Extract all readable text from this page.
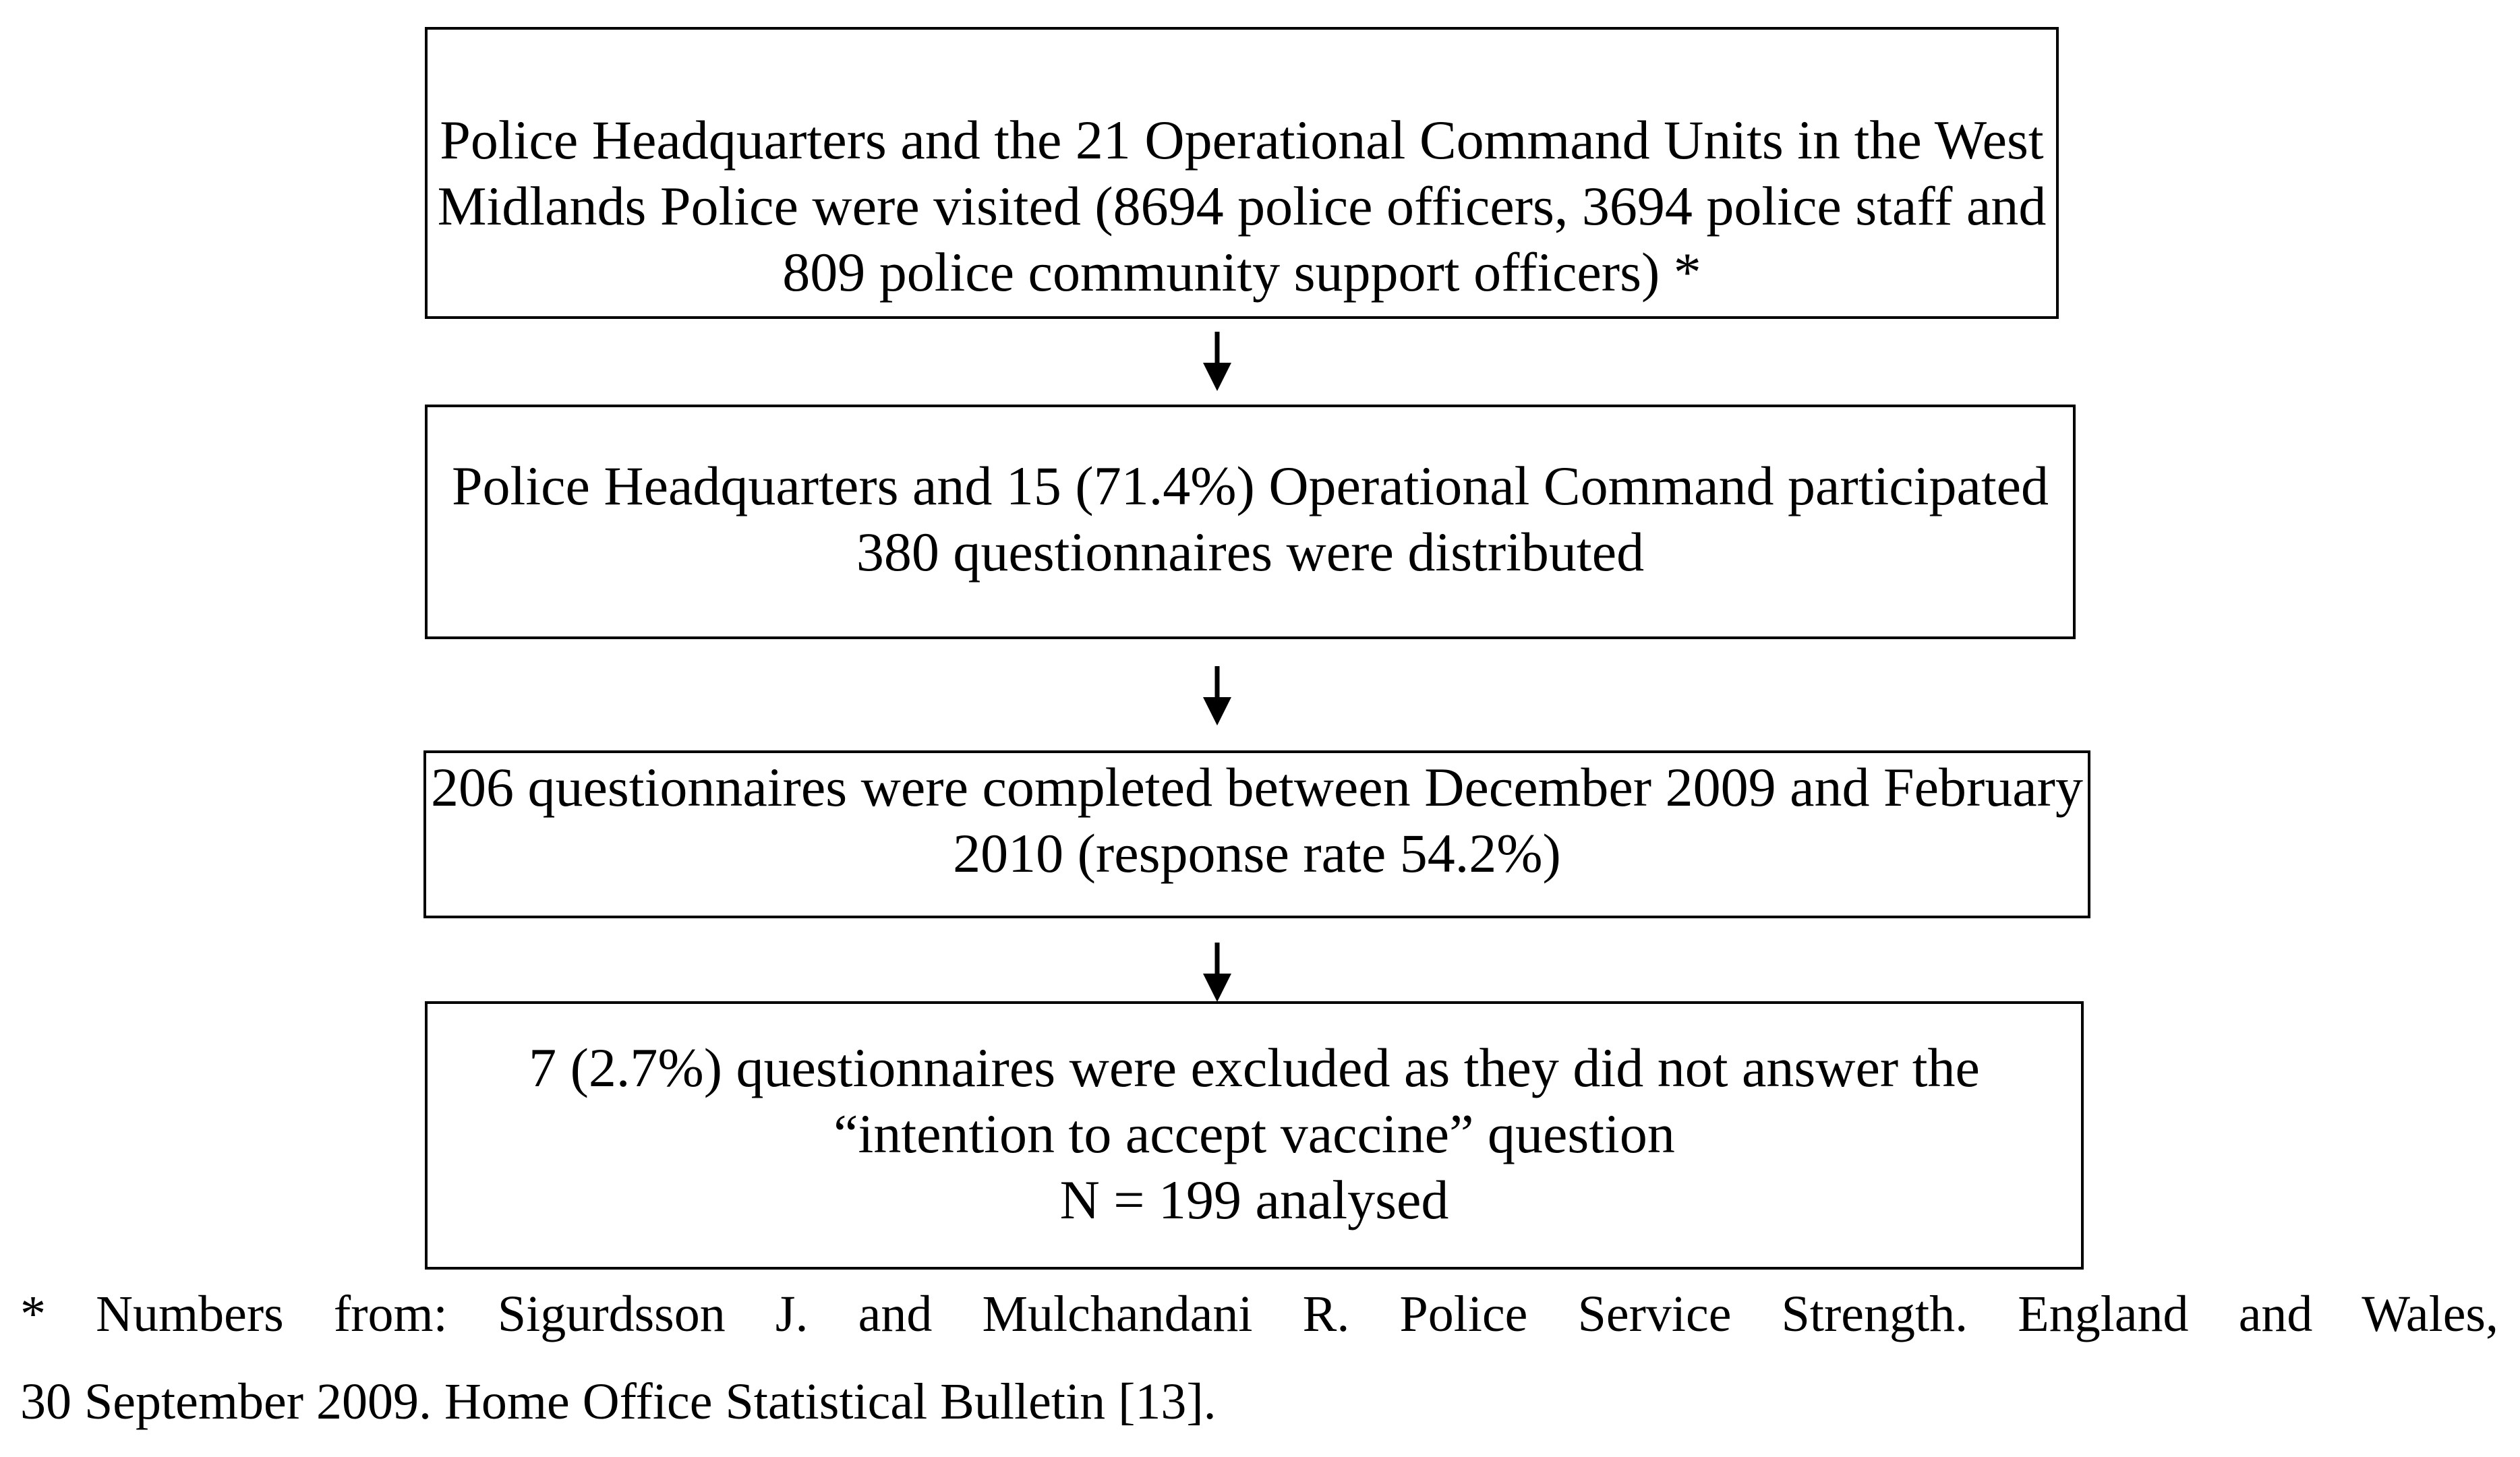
Police Headquarters and the 21 Operational Command Units in the West
Midlands Police were visited (8694 police officers, 3694 police staff and
809 police community support officers) *
Police Headquarters and 15 (71.4%) Operational Command participated
380 questionnaires were distributed
206 questionnaires were completed between December 2009 and February
2010 (response rate 54.2%)
7 (2.7%) questionnaires were excluded as they did not answer the
“intention to accept vaccine” question
N = 199 analysed
* Numbers from: Sigurdsson J. and Mulchandani R. Police Service Strength. England and Wales,
30 September 2009. Home Office Statistical Bulletin [13].
